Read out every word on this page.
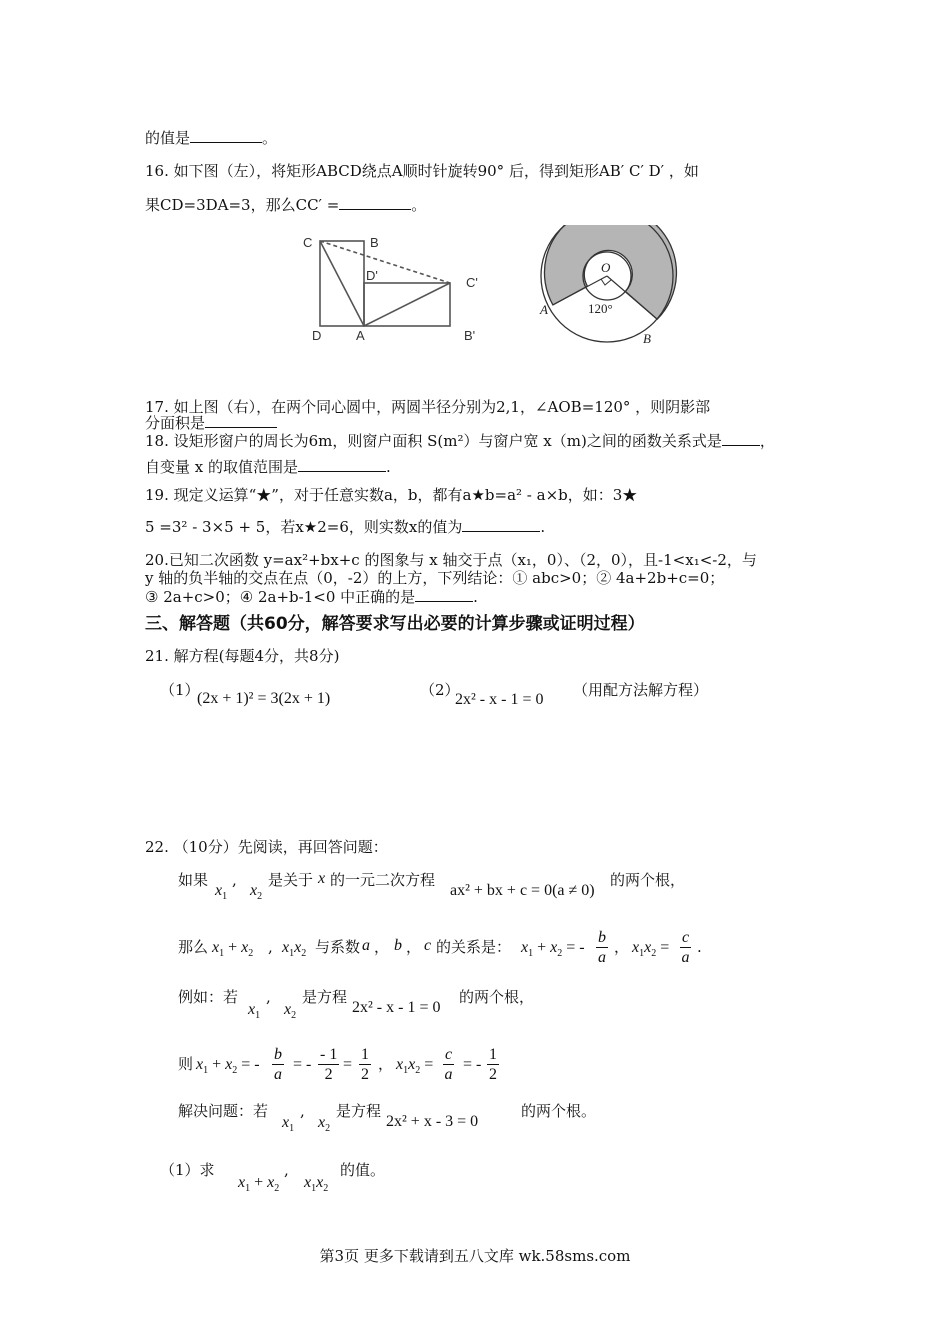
的值是	。
16. 如下图（左），将矩形ABCD绕点A顺时针旋转90° 后，得到矩形AB′ C′ D′ ，如
果CD=3DA=3，那么CC′ =	。
C	B
D'	C'
D	A	B'
O
A
B
120°
17. 如上图（右），在两个同心圆中，两圆半径分别为2,1，∠AOB=120° ，则阴影部
分面积是
18. 设矩形窗户的周长为6m，则窗户面积 S(m²）与窗户宽 x（m)之间的函数关系式是	，
自变量 x 的取值范围是	.
19. 现定义运算“★”，对于任意实数a，b，都有a★b=a² - a×b，如：3★
5 =3² - 3×5 + 5，若x★2=6，则实数x的值为	.
20.已知二次函数 y=ax²+bx+c 的图象与 x 轴交于点（x₁，0）、（2，0），且-1<x₁<-2，与
y 轴的负半轴的交点在点（0，-2）的上方，下列结论：① abc>0；② 4a+2b+c=0；
③ 2a+c>0；④ 2a+b-1<0 中正确的是	.
三、解答题（共60分，解答要求写出必要的计算步骤或证明过程）
21. 解方程(每题4分，共8分)
（1）
(2x + 1)² = 3(2x + 1)	（2）
2x² - x - 1 = 0
（用配方法解方程）
22. （10分）先阅读，再回答问题：
如果
$x_1$
,
$x_2$
是关于 x 的一元二次方程
ax² + bx + c = 0(a ≠ 0)
的两个根，
那么 $x_1 + x_2$ , $x_1x_2$ 与系数 a ， b ， c 的关系是： $x_1 + x_2$ = - $\frac{b}{a}$ ， $x_1x_2 = \frac{c}{a}$ .
例如：若
$x_1$
,
$x_2$
是方程
2x² - x - 1 = 0
的两个根，
则 $x_1 + x_2$ = - $\frac{b}{a}$ = - $\frac{- 1}{2} = \frac{1}{2}$ ， $x_1x_2 = \frac{c}{a}$ = - $\frac{1}{2}$
解决问题：若
$x_1$
,
$x_2$
是方程
2x² + x - 3 = 0
的两个根。
（1）求
$x_1 + x_2$
,
$x_1x_2$
的值。
第3页 更多下载请到五八文库 wk.58sms.com
